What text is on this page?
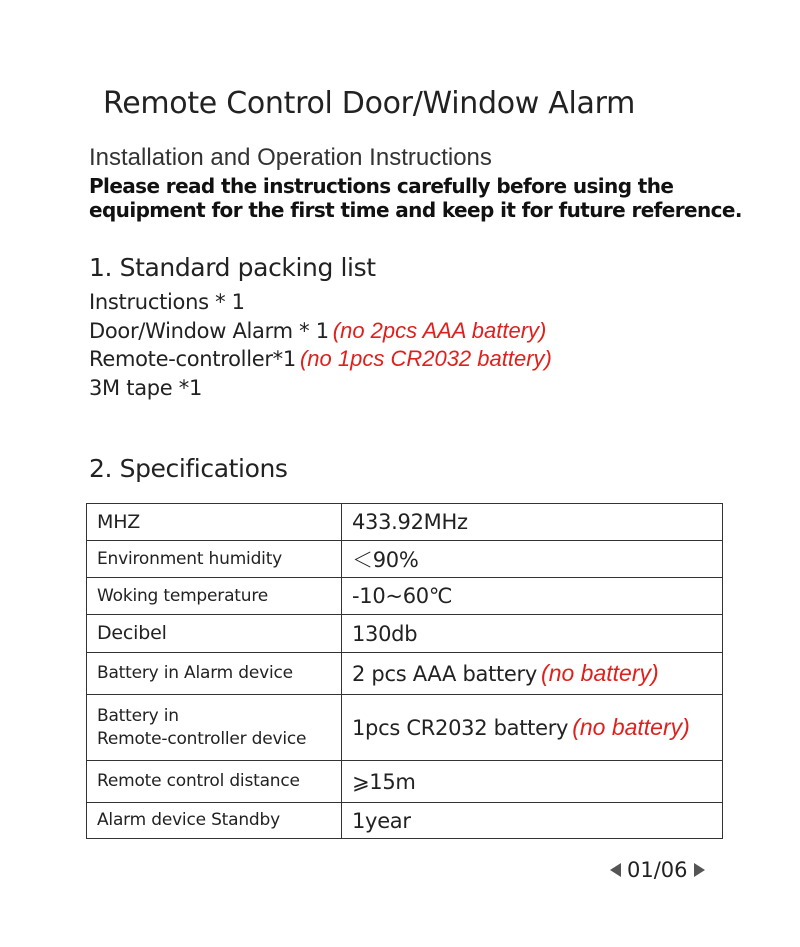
Remote Control Door/Window Alarm
Installation and Operation Instructions
Please read the instructions carefully before using the
equipment for the first time and keep it for future reference.
1. Standard packing list
Instructions * 1
Door/Window Alarm * 1 (no 2pcs AAA battery)
Remote-controller*1 (no 1pcs CR2032 battery)
3M tape *1
2. Specifications
MHZ	433.92MHz
Environment humidity	＜90%
Woking temperature	-10~60℃
Decibel	130db
Battery in Alarm device	2 pcs AAA battery (no battery)

Battery in
Remote-controller device	1pcs CR2032 battery (no battery)
Remote control distance	⩾15m
Alarm device Standby	1year
01/06
